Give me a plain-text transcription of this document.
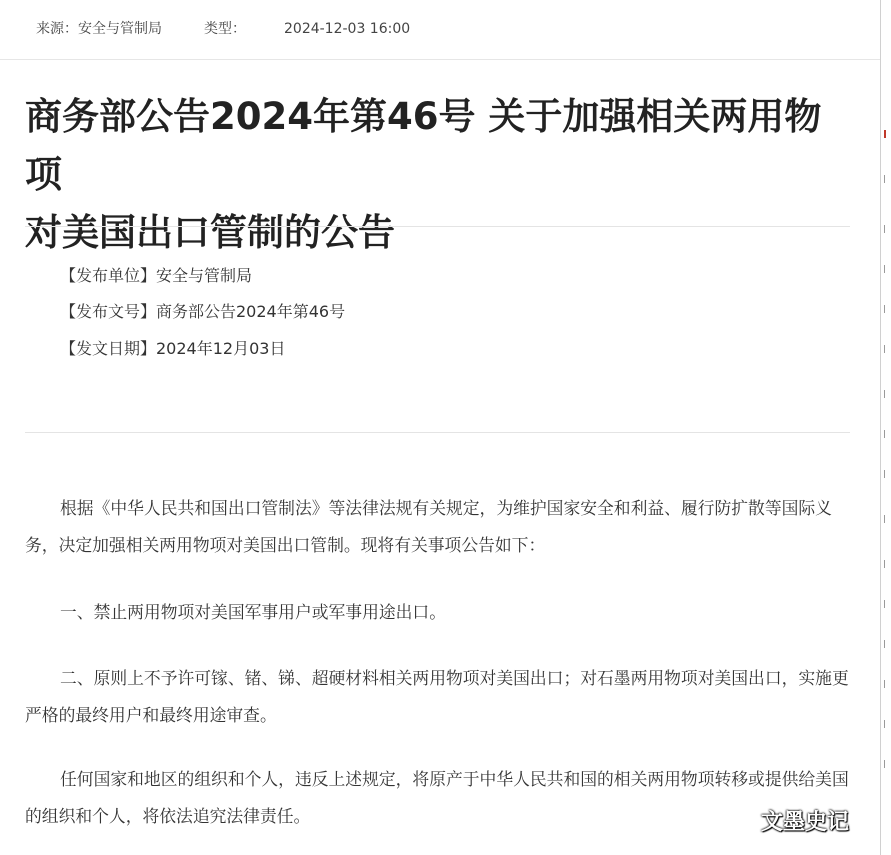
来源：安全与管制局	类型：	2024-12-03 16:00
商务部公告2024年第46号 关于加强相关两用物项
对美国出口管制的公告
【发布单位】安全与管制局
【发布文号】商务部公告2024年第46号
【发文日期】2024年12月03日

根据《中华人民共和国出口管制法》等法律法规有关规定，为维护国家安全和利益、履行防扩散等国际义务，决定加强相关两用物项对美国出口管制。现将有关事项公告如下：

一、禁止两用物项对美国军事用户或军事用途出口。

二、原则上不予许可镓、锗、锑、超硬材料相关两用物项对美国出口；对石墨两用物项对美国出口，实施更严格的最终用户和最终用途审查。

任何国家和地区的组织和个人，违反上述规定，将原产于中华人民共和国的相关两用物项转移或提供给美国的组织和个人，将依法追究法律责任。	文墨史记
